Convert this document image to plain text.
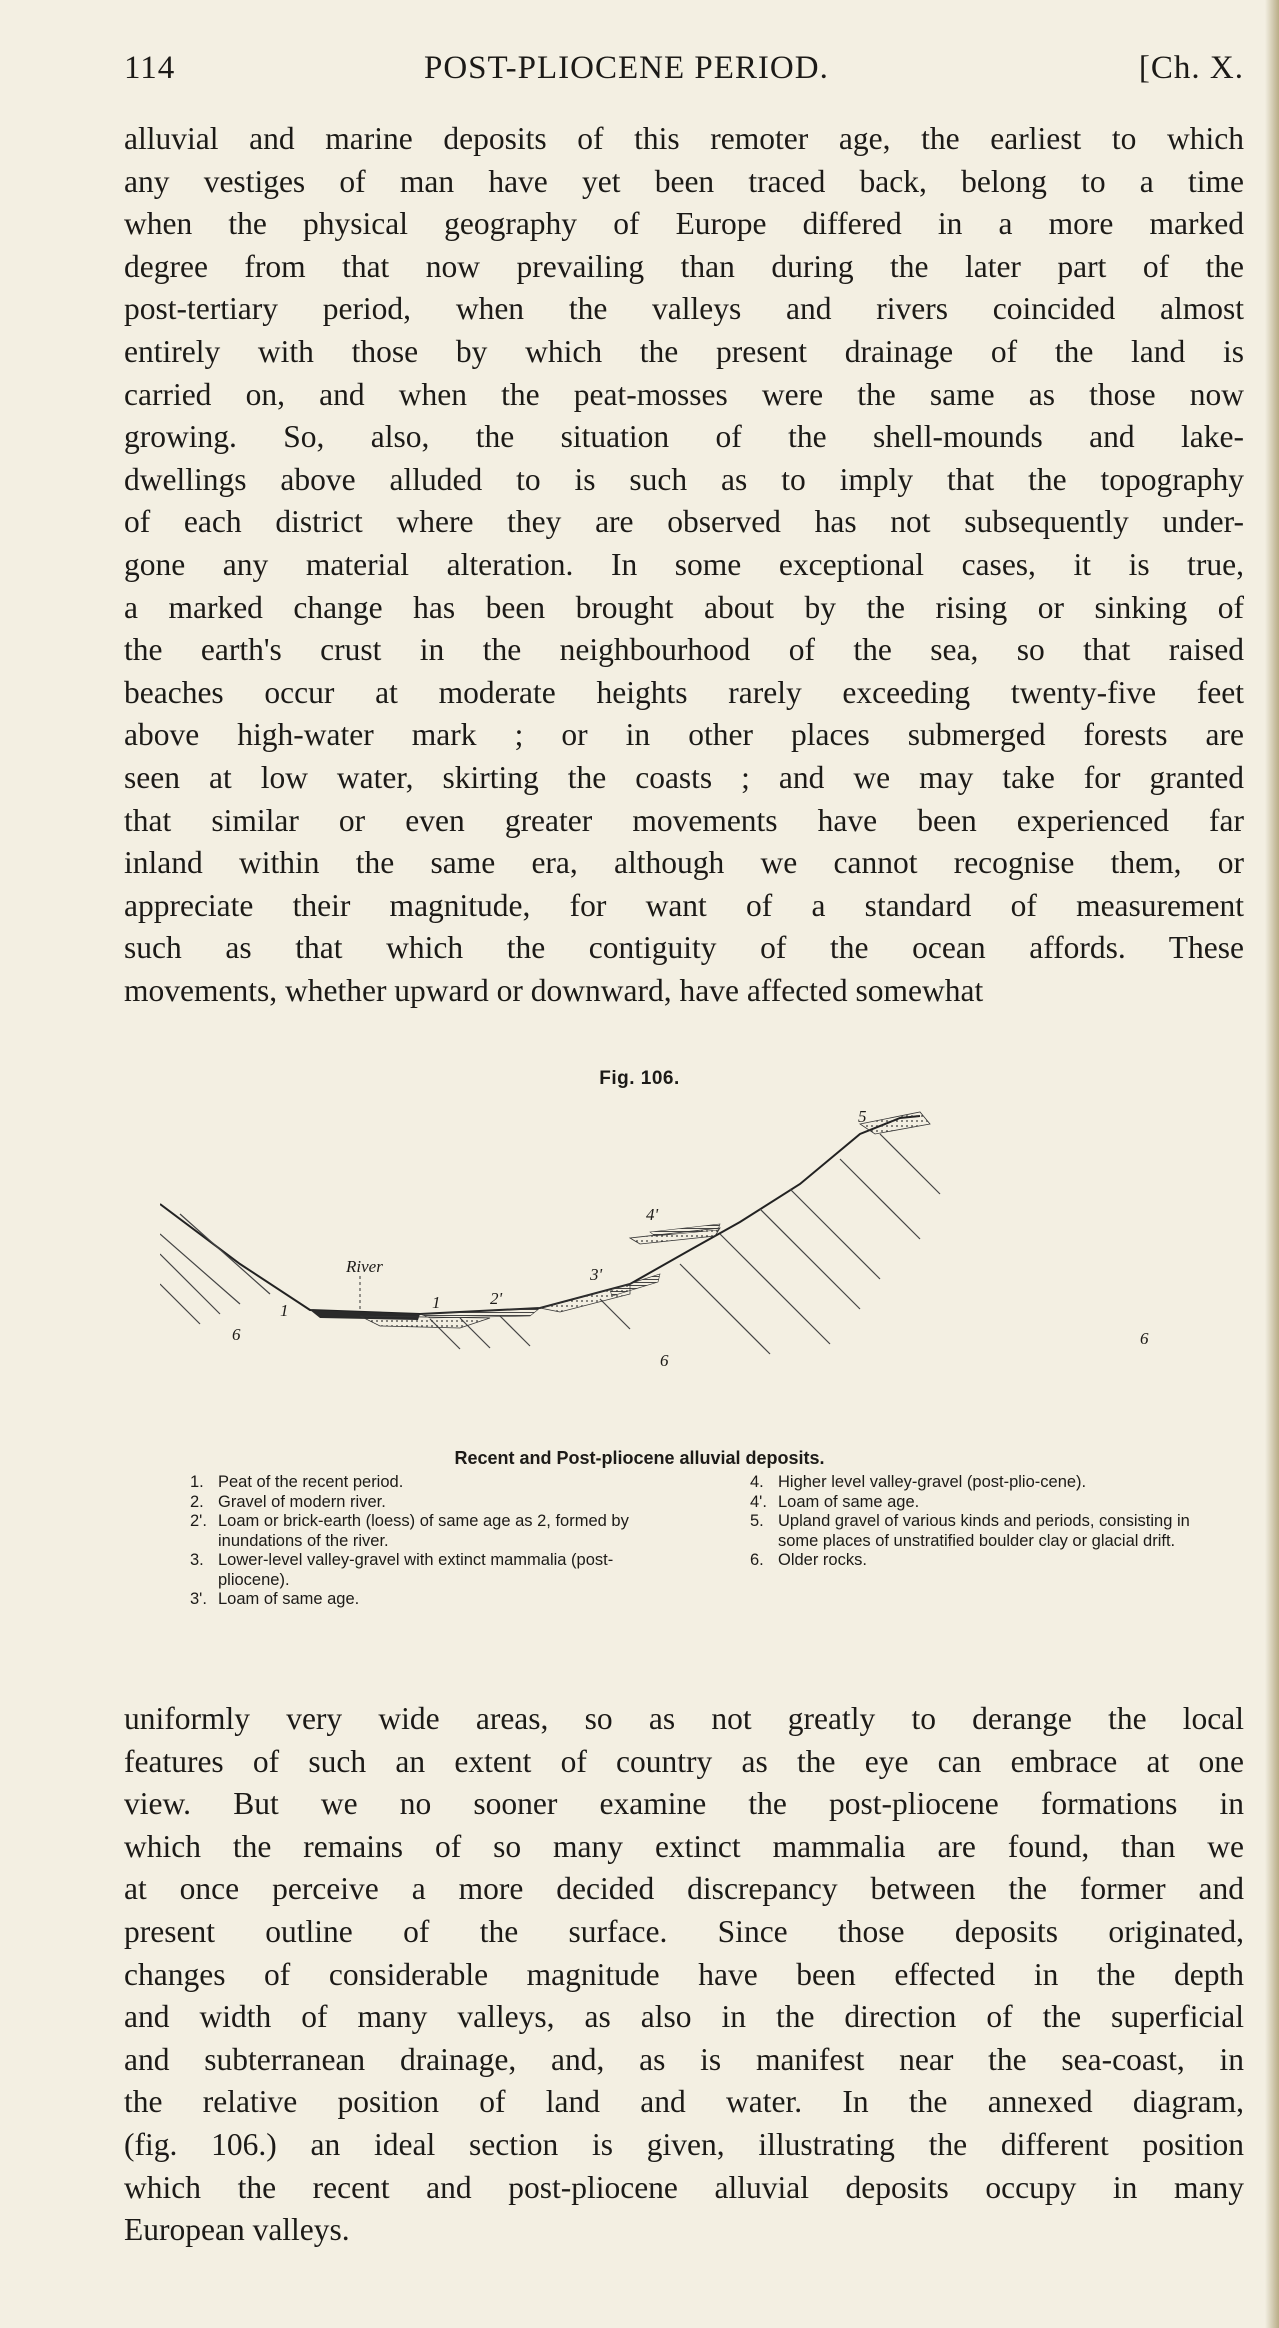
114	POST-PLIOCENE PERIOD.	[Ch. X.
alluvial and marine deposits of this remoter age, the earliest to which
any vestiges of man have yet been traced back, belong to a time
when the physical geography of Europe differed in a more marked
degree from that now prevailing than during the later part of the
post-tertiary period, when the valleys and rivers coincided almost
entirely with those by which the present drainage of the land is
carried on, and when the peat-mosses were the same as those now
growing. So, also, the situation of the shell-mounds and lake-
dwellings above alluded to is such as to imply that the topography
of each district where they are observed has not subsequently under-
gone any material alteration. In some exceptional cases, it is true,
a marked change has been brought about by the rising or sinking of
the earth's crust in the neighbourhood of the sea, so that raised
beaches occur at moderate heights rarely exceeding twenty-five feet
above high-water mark ; or in other places submerged forests are
seen at low water, skirting the coasts ; and we may take for granted
that similar or even greater movements have been experienced far
inland within the same era, although we cannot recognise them, or
appreciate their magnitude, for want of a standard of measurement
such as that which the contiguity of the ocean affords. These
movements, whether upward or downward, have affected somewhat
Fig. 106.
River
1	1	2'
3'
4'
5
6
6
6
Recent and Post-pliocene alluvial deposits.
1. Peat of the recent period.
2. Gravel of modern river.
2'. Loam or brick-earth (loess) of same age as 2, formed by inundations of the river.
3. Lower-level valley-gravel with extinct mammalia (post-pliocene).
3'. Loam of same age.
4. Higher level valley-gravel (post-plio-cene).
4'. Loam of same age.
5. Upland gravel of various kinds and periods, consisting in some places of unstratified boulder clay or glacial drift.
6. Older rocks.
uniformly very wide areas, so as not greatly to derange the local
features of such an extent of country as the eye can embrace at one
view. But we no sooner examine the post-pliocene formations in
which the remains of so many extinct mammalia are found, than we
at once perceive a more decided discrepancy between the former and
present outline of the surface. Since those deposits originated,
changes of considerable magnitude have been effected in the depth
and width of many valleys, as also in the direction of the superficial
and subterranean drainage, and, as is manifest near the sea-coast, in
the relative position of land and water. In the annexed diagram,
(fig. 106.) an ideal section is given, illustrating the different position
which the recent and post-pliocene alluvial deposits occupy in many
European valleys.
